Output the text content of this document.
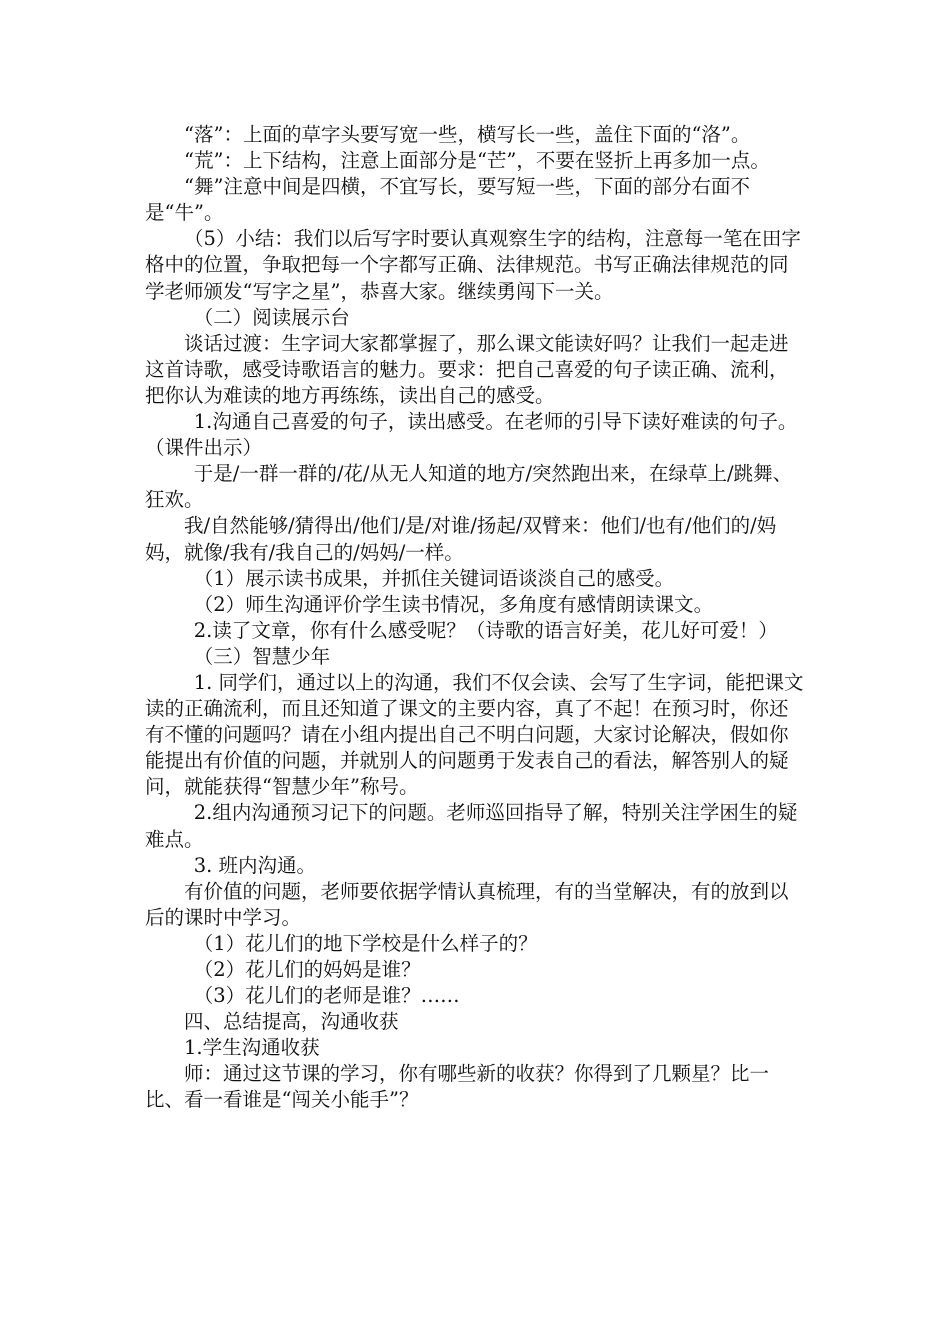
“落”：上面的草字头要写宽一些，横写长一些，盖住下面的“洛”。

“荒”：上下结构，注意上面部分是“芒”，不要在竖折上再多加一点。

“舞”注意中间是四横，不宜写长，要写短一些，下面的部分右面不是“牛”。

（5）小结：我们以后写字时要认真观察生字的结构，注意每一笔在田字格中的位置，争取把每一个字都写正确、法律规范。书写正确法律规范的同学老师颁发“写字之星”，恭喜大家。继续勇闯下一关。

（二）阅读展示台

谈话过渡：生字词大家都掌握了，那么课文能读好吗？让我们一起走进这首诗歌，感受诗歌语言的魅力。要求：把自己喜爱的句子读正确、流利，把你认为难读的地方再练练，读出自己的感受。

1.沟通自己喜爱的句子，读出感受。在老师的引导下读好难读的句子。（课件出示）

于是/一群一群的/花/从无人知道的地方/突然跑出来，在绿草上/跳舞、狂欢。

我/自然能够/猜得出/他们/是/对谁/扬起/双臂来：他们/也有/他们的/妈妈，就像/我有/我自己的/妈妈/一样。

（1）展示读书成果，并抓住关键词语谈淡自己的感受。

（2）师生沟通评价学生读书情况，多角度有感情朗读课文。

2.读了文章，你有什么感受呢？（诗歌的语言好美，花儿好可爱！）

（三）智慧少年

1. 同学们，通过以上的沟通，我们不仅会读、会写了生字词，能把课文读的正确流利，而且还知道了课文的主要内容，真了不起！在预习时，你还有不懂的问题吗？请在小组内提出自己不明白问题，大家讨论解决，假如你能提出有价值的问题，并就别人的问题勇于发表自己的看法，解答别人的疑问，就能获得“智慧少年”称号。

2.组内沟通预习记下的问题。老师巡回指导了解，特别关注学困生的疑难点。

3. 班内沟通。

有价值的问题，老师要依据学情认真梳理，有的当堂解决，有的放到以后的课时中学习。

（1）花儿们的地下学校是什么样子的？

（2）花儿们的妈妈是谁？

（3）花儿们的老师是谁？……

四、总结提高，沟通收获

1.学生沟通收获

师：通过这节课的学习，你有哪些新的收获？你得到了几颗星？比一比、看一看谁是“闯关小能手”？
